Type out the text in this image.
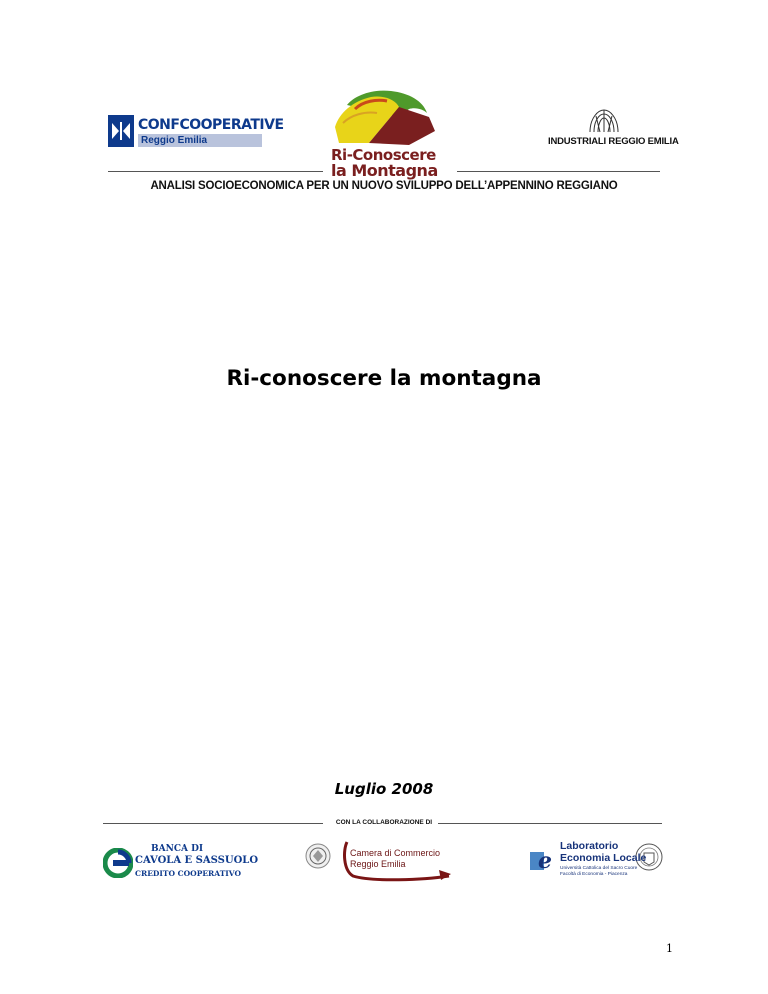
CONFCOOPERATIVE
Reggio Emilia
Ri-Conoscere
la Montagna
INDUSTRIALI REGGIO EMILIA
ANALISI SOCIOECONOMICA PER UN NUOVO SVILUPPO DELL’APPENNINO REGGIANO
Ri-conoscere la montagna
Luglio 2008
CON LA COLLABORAZIONE DI
BANCA DI
CAVOLA E SASSUOLO
CREDITO COOPERATIVO
Camera di Commercio
Reggio Emilia	e
Laboratorio
Economia Locale
Università Cattolica del Sacro Cuore
Facoltà di Economia - Piacenza
1
